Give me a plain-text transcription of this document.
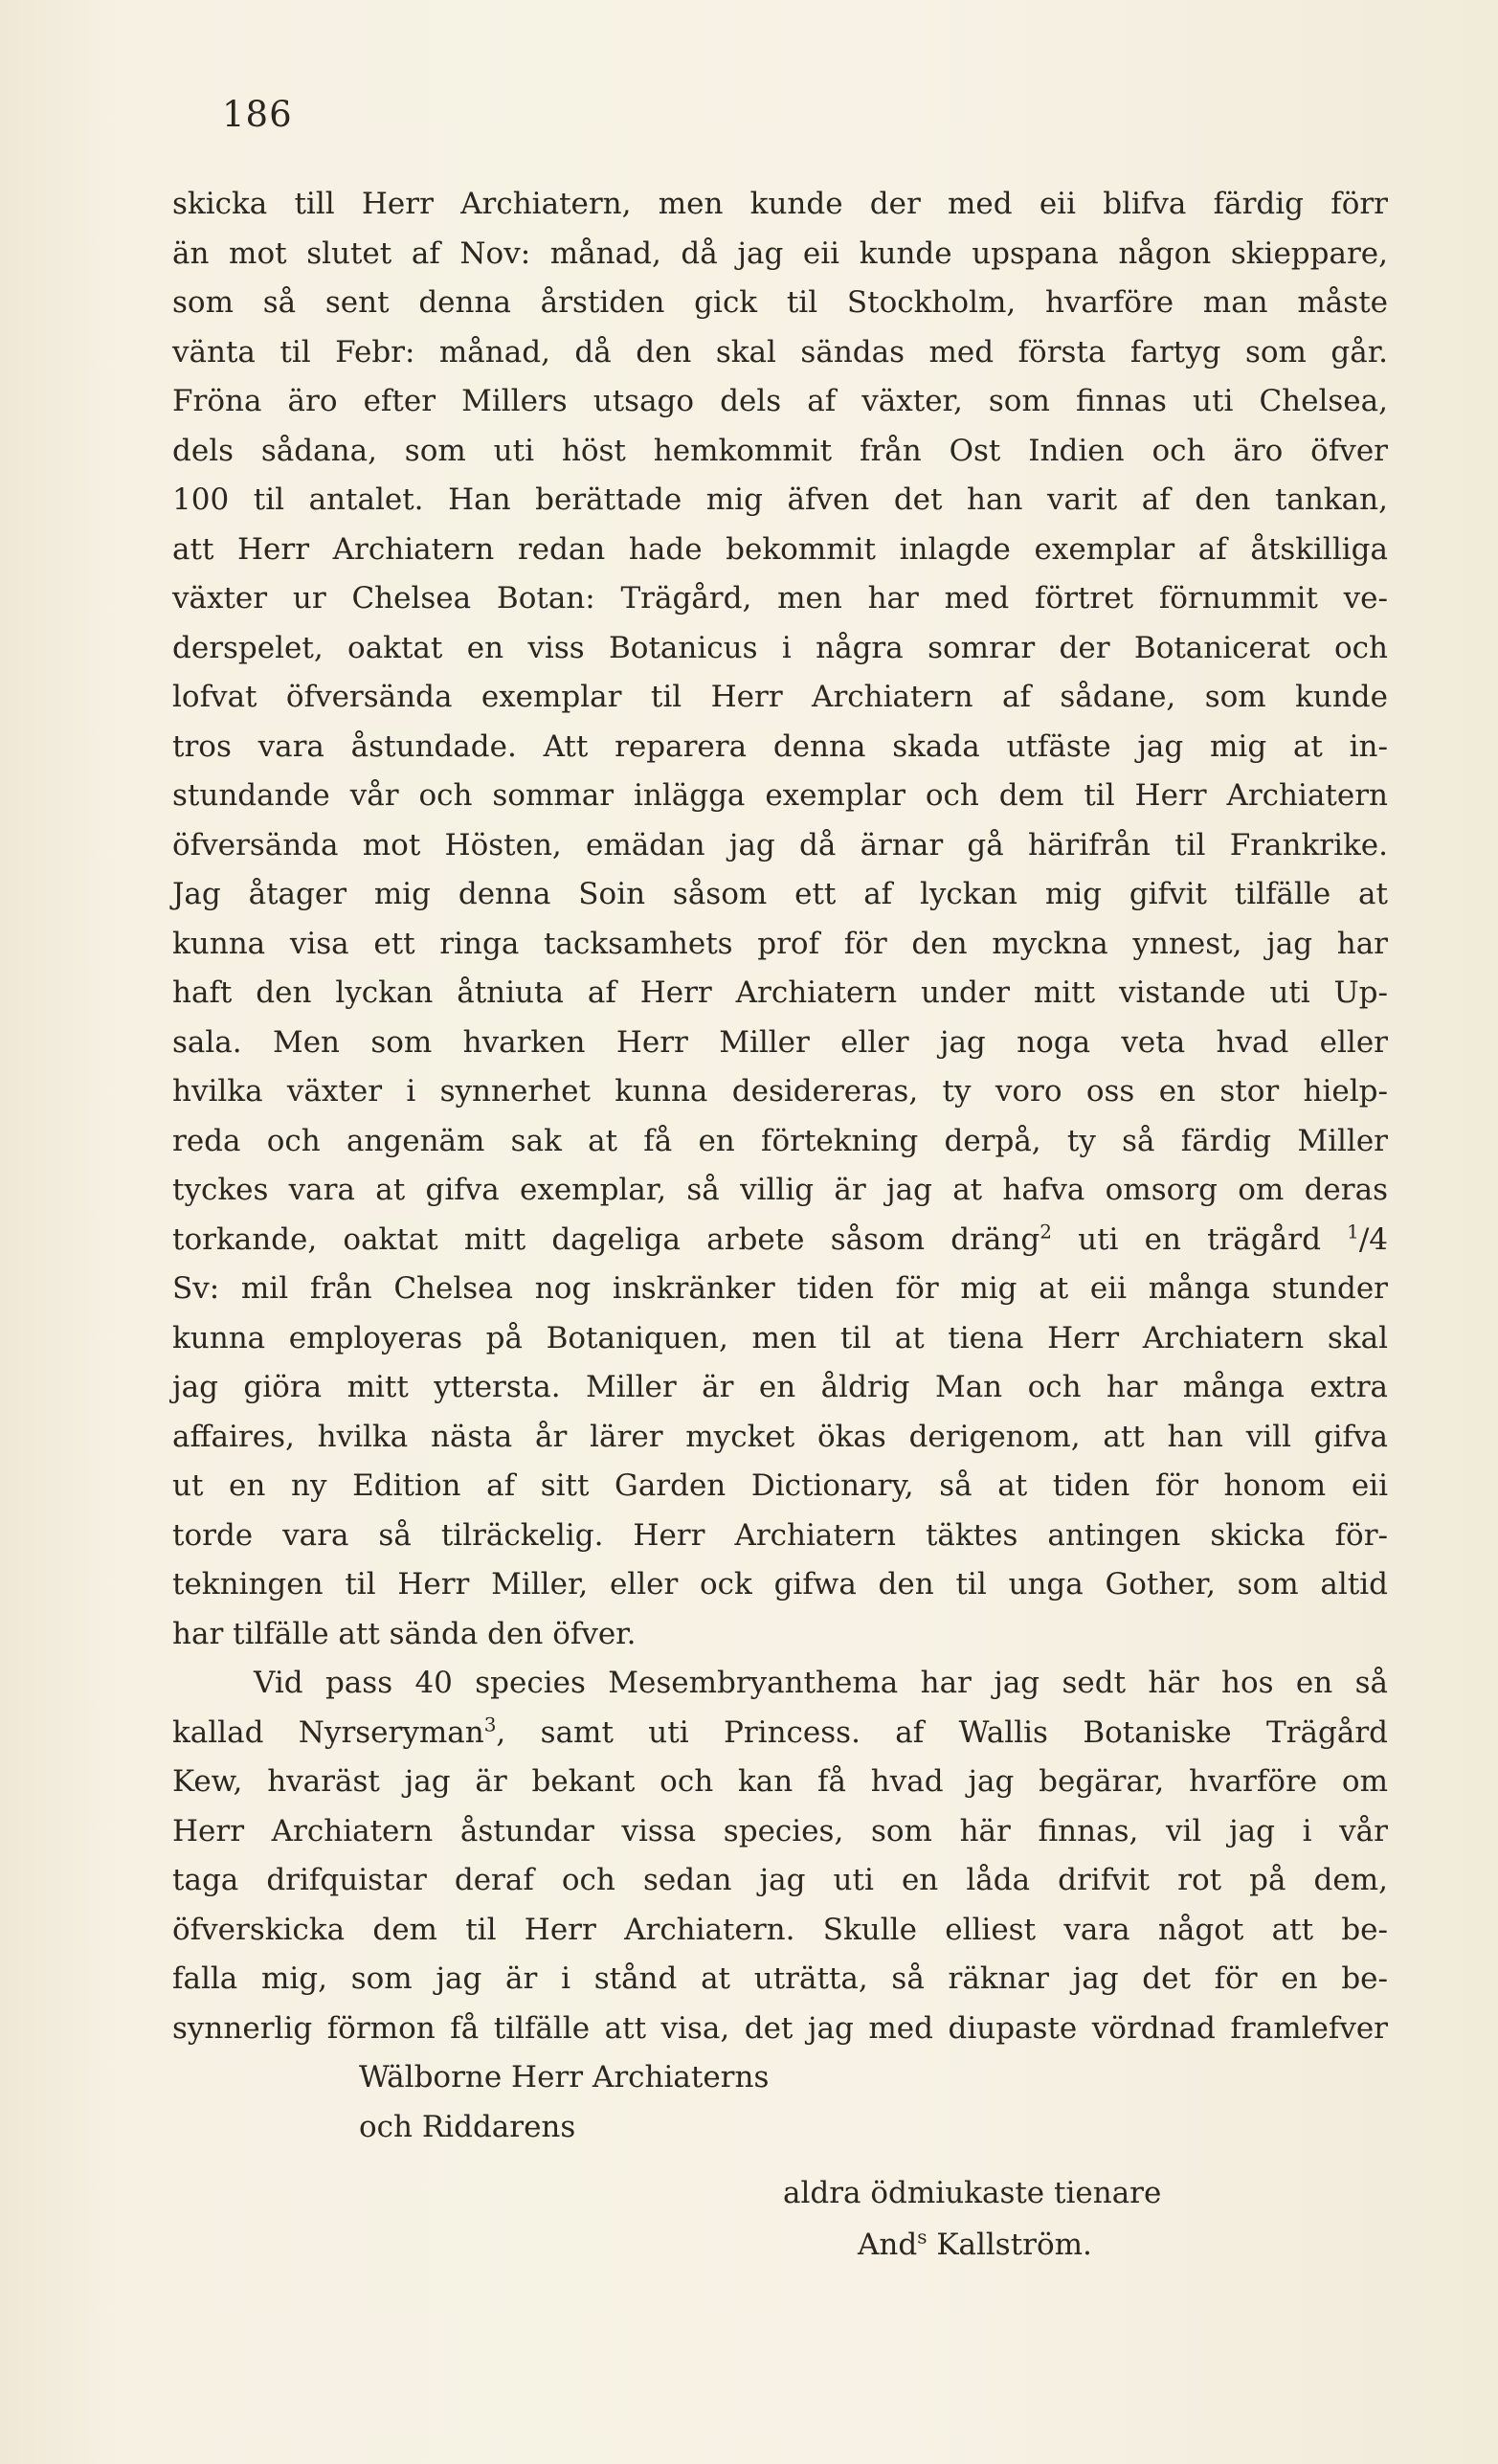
186
skicka till Herr Archiatern, men kunde der med eii blifva färdig förr
än mot slutet af Nov: månad, då jag eii kunde upspana någon skieppare,
som så sent denna årstiden gick til Stockholm, hvarföre man måste
vänta til Febr: månad, då den skal sändas med första fartyg som går.
Fröna äro efter Millers utsago dels af växter, som finnas uti Chelsea,
dels sådana, som uti höst hemkommit från Ost Indien och äro öfver
100 til antalet. Han berättade mig äfven det han varit af den tankan,
att Herr Archiatern redan hade bekommit inlagde exemplar af åtskilliga
växter ur Chelsea Botan: Trägård, men har med förtret förnummit ve-
derspelet, oaktat en viss Botanicus i några somrar der Botanicerat och
lofvat öfversända exemplar til Herr Archiatern af sådane, som kunde
tros vara åstundade. Att reparera denna skada utfäste jag mig at in-
stundande vår och sommar inlägga exemplar och dem til Herr Archiatern
öfversända mot Hösten, emädan jag då ärnar gå härifrån til Frankrike.
Jag åtager mig denna Soin såsom ett af lyckan mig gifvit tilfälle at
kunna visa ett ringa tacksamhets prof för den myckna ynnest, jag har
haft den lyckan åtniuta af Herr Archiatern under mitt vistande uti Up-
sala. Men som hvarken Herr Miller eller jag noga veta hvad eller
hvilka växter i synnerhet kunna desidereras, ty voro oss en stor hielp-
reda och angenäm sak at få en förtekning derpå, ty så färdig Miller
tyckes vara at gifva exemplar, så villig är jag at hafva omsorg om deras
torkande, oaktat mitt dageliga arbete såsom dräng$^2$ uti en trägård $^1$/4
Sv: mil från Chelsea nog inskränker tiden för mig at eii många stunder
kunna employeras på Botaniquen, men til at tiena Herr Archiatern skal
jag giöra mitt yttersta. Miller är en åldrig Man och har många extra
affaires, hvilka nästa år lärer mycket ökas derigenom, att han vill gifva
ut en ny Edition af sitt Garden Dictionary, så at tiden för honom eii
torde vara så tilräckelig. Herr Archiatern täktes antingen skicka för-
tekningen til Herr Miller, eller ock gifwa den til unga Gother, som altid
har tilfälle att sända den öfver.
Vid pass 40 species Mesembryanthema har jag sedt här hos en så
kallad Nyrseryman$^3$, samt uti Princess. af Wallis Botaniske Trägård
Kew, hvaräst jag är bekant och kan få hvad jag begärar, hvarföre om
Herr Archiatern åstundar vissa species, som här finnas, vil jag i vår
taga drifquistar deraf och sedan jag uti en låda drifvit rot på dem,
öfverskicka dem til Herr Archiatern. Skulle elliest vara något att be-
falla mig, som jag är i stånd at uträtta, så räknar jag det för en be-
synnerlig förmon få tilfälle att visa, det jag med diupaste vördnad framlefver
Wälborne Herr Archiaterns
och Riddarens
aldra ödmiukaste tienare
And$^s$ Kallström.
